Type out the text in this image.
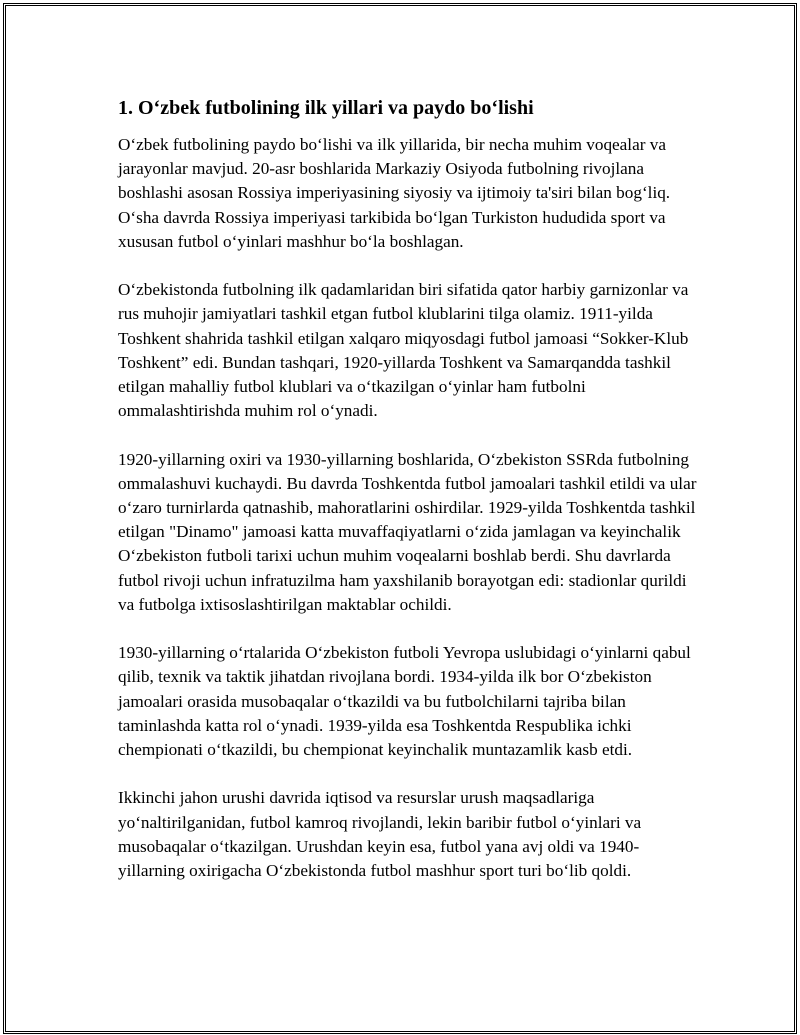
1. O‘zbek futbolining ilk yillari va paydo bo‘lishi

O‘zbek futbolining paydo bo‘lishi va ilk yillarida, bir necha muhim voqealar va jarayonlar mavjud. 20-asr boshlarida Markaziy Osiyoda futbolning rivojlana boshlashi asosan Rossiya imperiyasining siyosiy va ijtimoiy ta'siri bilan bog‘liq. O‘sha davrda Rossiya imperiyasi tarkibida bo‘lgan Turkiston hududida sport va xususan futbol o‘yinlari mashhur bo‘la boshlagan.

O‘zbekistonda futbolning ilk qadamlaridan biri sifatida qator harbiy garnizonlar va rus muhojir jamiyatlari tashkil etgan futbol klublarini tilga olamiz. 1911-yilda Toshkent shahrida tashkil etilgan xalqaro miqyosdagi futbol jamoasi “Sokker-Klub Toshkent” edi. Bundan tashqari, 1920-yillarda Toshkent va Samarqandda tashkil etilgan mahalliy futbol klublari va o‘tkazilgan o‘yinlar ham futbolni ommalashtirishda muhim rol o‘ynadi.

1920-yillarning oxiri va 1930-yillarning boshlarida, O‘zbekiston SSRda futbolning ommalashuvi kuchaydi. Bu davrda Toshkentda futbol jamoalari tashkil etildi va ular o‘zaro turnirlarda qatnashib, mahoratlarini oshirdilar. 1929-yilda Toshkentda tashkil etilgan "Dinamo" jamoasi katta muvaffaqiyatlarni o‘zida jamlagan va keyinchalik O‘zbekiston futboli tarixi uchun muhim voqealarni boshlab berdi. Shu davrlarda futbol rivoji uchun infratuzilma ham yaxshilanib borayotgan edi: stadionlar qurildi va futbolga ixtisoslashtirilgan maktablar ochildi.

1930-yillarning o‘rtalarida O‘zbekiston futboli Yevropa uslubidagi o‘yinlarni qabul qilib, texnik va taktik jihatdan rivojlana bordi. 1934-yilda ilk bor O‘zbekiston jamoalari orasida musobaqalar o‘tkazildi va bu futbolchilarni tajriba bilan taminlashda katta rol o‘ynadi. 1939-yilda esa Toshkentda Respublika ichki chempionati o‘tkazildi, bu chempionat keyinchalik muntazamlik kasb etdi.

Ikkinchi jahon urushi davrida iqtisod va resurslar urush maqsadlariga yo‘naltirilganidan, futbol kamroq rivojlandi, lekin baribir futbol o‘yinlari va musobaqalar o‘tkazilgan. Urushdan keyin esa, futbol yana avj oldi va 1940-yillarning oxirigacha O‘zbekistonda futbol mashhur sport turi bo‘lib qoldi.
